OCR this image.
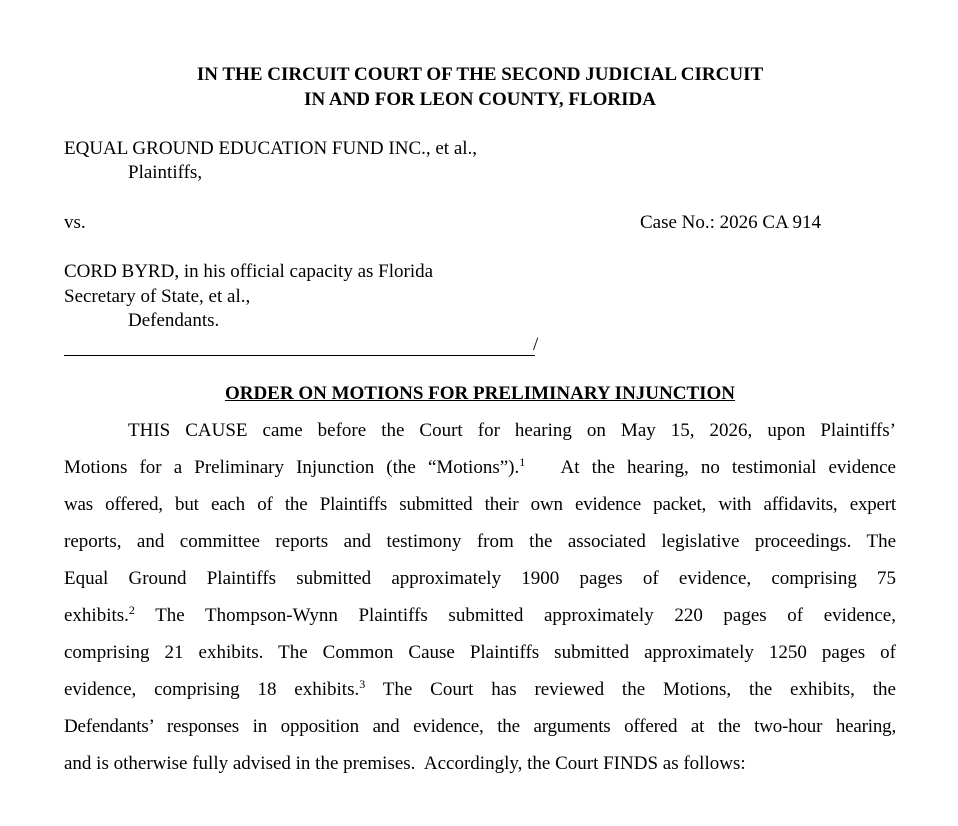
IN THE CIRCUIT COURT OF THE SECOND JUDICIAL CIRCUIT
IN AND FOR LEON COUNTY, FLORIDA
EQUAL GROUND EDUCATION FUND INC., et al.,
Plaintiffs,
vs.	Case No.: 2026 CA 914
CORD BYRD, in his official capacity as Florida
Secretary of State, et al.,
Defendants.
/
ORDER ON MOTIONS FOR PRELIMINARY INJUNCTION
THIS CAUSE came before the Court for hearing on May 15, 2026, upon Plaintiffs’
Motions for a Preliminary Injunction (the “Motions”).$^1$ At the hearing, no testimonial evidence
was offered, but each of the Plaintiffs submitted their own evidence packet, with affidavits, expert
reports, and committee reports and testimony from the associated legislative proceedings. The
Equal Ground Plaintiffs submitted approximately 1900 pages of evidence, comprising 75
exhibits.$^2$ The Thompson-Wynn Plaintiffs submitted approximately 220 pages of evidence,
comprising 21 exhibits. The Common Cause Plaintiffs submitted approximately 1250 pages of
evidence, comprising 18 exhibits.$^3$ The Court has reviewed the Motions, the exhibits, the
Defendants’ responses in opposition and evidence, the arguments offered at the two-hour hearing,
and is otherwise fully advised in the premises.  Accordingly, the Court FINDS as follows:
